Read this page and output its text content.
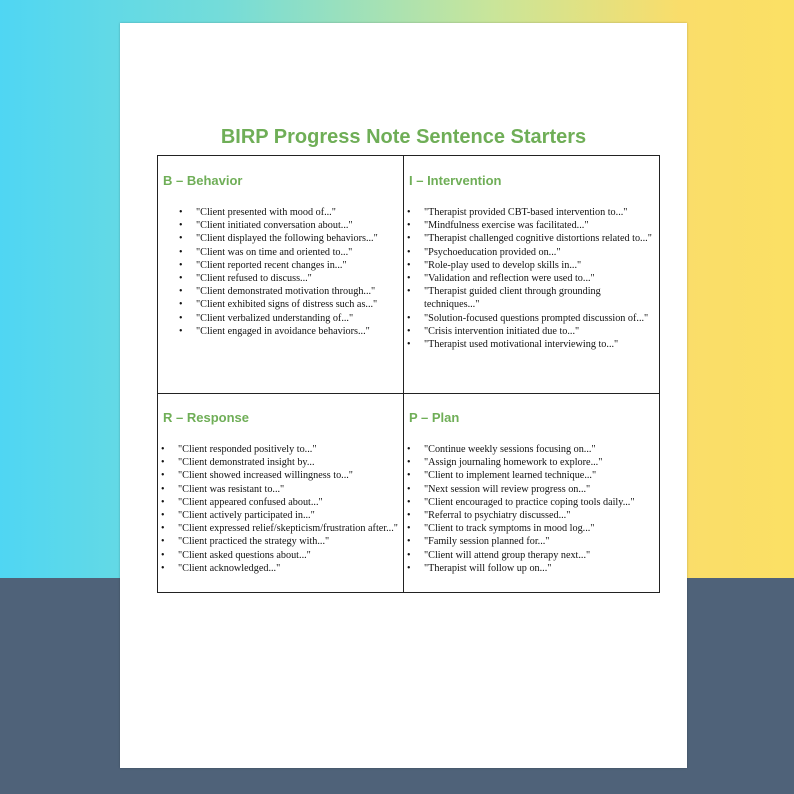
BIRP Progress Note Sentence Starters
B – Behavior
• "Client presented with mood of..."
• "Client initiated conversation about..."
• "Client displayed the following behaviors..."
• "Client was on time and oriented to..."
• "Client reported recent changes in..."
• "Client refused to discuss..."
• "Client demonstrated motivation through..."
• "Client exhibited signs of distress such as..."
• "Client verbalized understanding of..."
• "Client engaged in avoidance behaviors..."
I – Intervention
• "Therapist provided CBT-based intervention to..."
• "Mindfulness exercise was facilitated..."
• "Therapist challenged cognitive distortions related to..."
• "Psychoeducation provided on..."
• "Role-play used to develop skills in..."
• "Validation and reflection were used to..."
• "Therapist guided client through grounding techniques..."
• "Solution-focused questions prompted discussion of..."
• "Crisis intervention initiated due to..."
• "Therapist used motivational interviewing to..."
R – Response
• "Client responded positively to..."
• "Client demonstrated insight by...
• "Client showed increased willingness to..."
• "Client was resistant to..."
• "Client appeared confused about..."
• "Client actively participated in..."
• "Client expressed relief/skepticism/frustration after..."
• "Client practiced the strategy with..."
• "Client asked questions about..."
• "Client acknowledged..."
P – Plan
• "Continue weekly sessions focusing on..."
• "Assign journaling homework to explore..."
• "Client to implement learned technique..."
• "Next session will review progress on..."
• "Client encouraged to practice coping tools daily..."
• "Referral to psychiatry discussed..."
• "Client to track symptoms in mood log..."
• "Family session planned for..."
• "Client will attend group therapy next..."
• "Therapist will follow up on..."
